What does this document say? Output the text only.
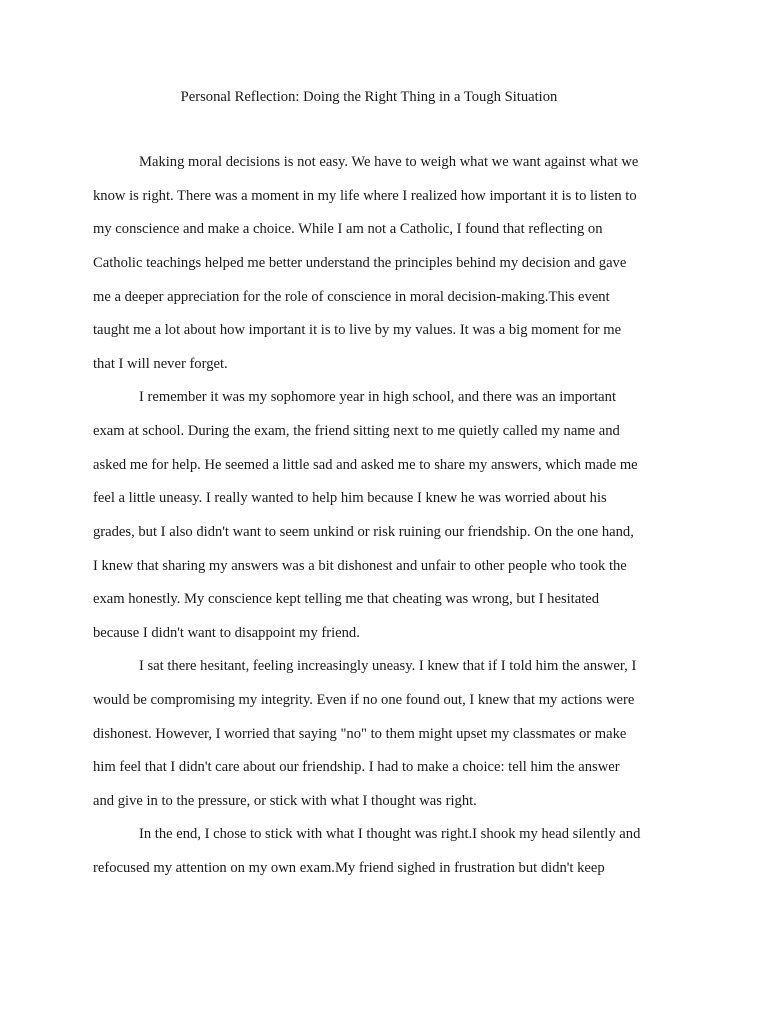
Personal Reflection: Doing the Right Thing in a Tough Situation
Making moral decisions is not easy. We have to weigh what we want against what we
know is right. There was a moment in my life where I realized how important it is to listen to
my conscience and make a choice. While I am not a Catholic, I found that reflecting on
Catholic teachings helped me better understand the principles behind my decision and gave
me a deeper appreciation for the role of conscience in moral decision-making.This event
taught me a lot about how important it is to live by my values. It was a big moment for me
that I will never forget.
I remember it was my sophomore year in high school, and there was an important
exam at school. During the exam, the friend sitting next to me quietly called my name and
asked me for help. He seemed a little sad and asked me to share my answers, which made me
feel a little uneasy. I really wanted to help him because I knew he was worried about his
grades, but I also didn't want to seem unkind or risk ruining our friendship. On the one hand,
I knew that sharing my answers was a bit dishonest and unfair to other people who took the
exam honestly. My conscience kept telling me that cheating was wrong, but I hesitated
because I didn't want to disappoint my friend.
I sat there hesitant, feeling increasingly uneasy. I knew that if I told him the answer, I
would be compromising my integrity. Even if no one found out, I knew that my actions were
dishonest. However, I worried that saying "no" to them might upset my classmates or make
him feel that I didn't care about our friendship. I had to make a choice: tell him the answer
and give in to the pressure, or stick with what I thought was right.
In the end, I chose to stick with what I thought was right.I shook my head silently and
refocused my attention on my own exam.My friend sighed in frustration but didn't keep
